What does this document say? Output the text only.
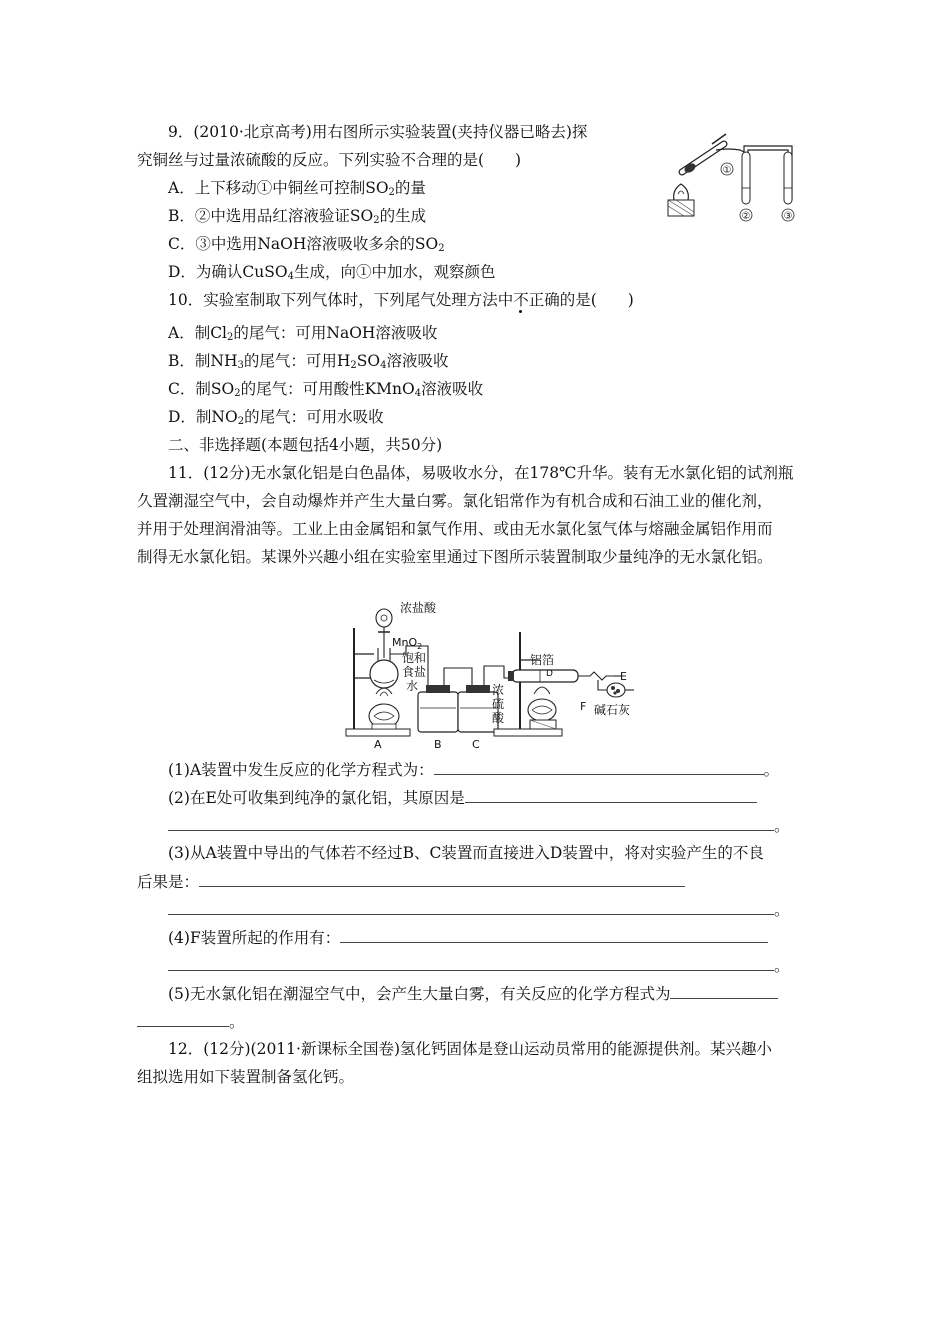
9．(2010·北京高考)用右图所示实验装置(夹持仪器已略去)探
究铜丝与过量浓硫酸的反应。下列实验不合理的是(　　)
A．上下移动①中铜丝可控制$SO_2$的量
B．②中选用品红溶液验证$SO_2$的生成
C．③中选用NaOH溶液吸收多余的$SO_2$
D．为确认CuSO$_4$生成，向①中加水，观察颜色
①
②	③
10．实验室制取下列气体时，下列尾气处理方法中不正确的是(　　)
A．制$Cl_2$的尾气：可用NaOH溶液吸收
B．制$NH_3$的尾气：可用$H_2SO_4$溶液吸收
C．制$SO_2$的尾气：可用酸性KMnO$_4$溶液吸收
D．制$NO_2$的尾气：可用水吸收
二、非选择题(本题包括4小题，共50分)
11．(12分)无水氯化铝是白色晶体，易吸收水分，在178℃升华。装有无水氯化铝的试剂瓶
久置潮湿空气中，会自动爆炸并产生大量白雾。氯化铝常作为有机合成和石油工业的催化剂，
并用于处理润滑油等。工业上由金属铝和氯气作用、或由无水氯化氢气体与熔融金属铝作用而
制得无水氯化铝。某课外兴趣小组在实验室里通过下图所示装置制取少量纯净的无水氯化铝。
浓盐酸
MnO$_2$
饱 和
食 盐
水	浓
硫
酸
铝箔
E
F 碱石灰
A	B	C
D
(1)A装置中发生反应的化学方程式为：	。
(2)在E处可收集到纯净的氯化铝，其原因是
。
(3)从A装置中导出的气体若不经过B、C装置而直接进入D装置中，将对实验产生的不良
后果是：
。
(4)F装置所起的作用有：
。
(5)无水氯化铝在潮湿空气中，会产生大量白雾，有关反应的化学方程式为
。
12．(12分)(2011·新课标全国卷)氢化钙固体是登山运动员常用的能源提供剂。某兴趣小
组拟选用如下装置制备氢化钙。
